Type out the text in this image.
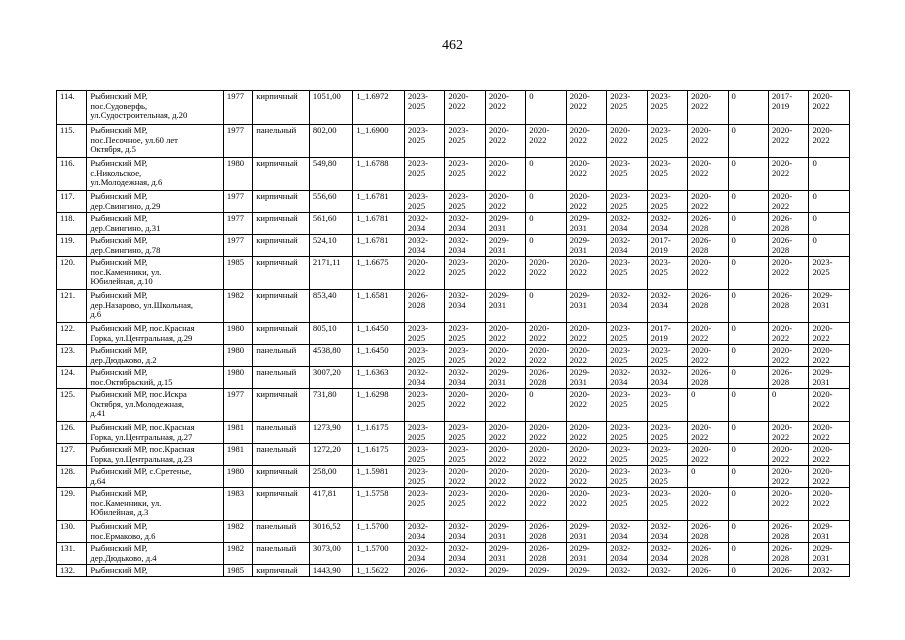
462
114.	Рыбинский МР,
пос.Судоверфь,
ул.Судостроительная, д.20	1977	кирпичный	1051,00	1_1.6972	2023-
2025	2020-
2022	2020-
2022	0	2020-
2022	2023-
2025	2023-
2025	2020-
2022	0	2017-
2019	2020-
2022
115.	Рыбинский МР,
пос.Песочное, ул.60 лет
Октября, д.5	1977	панельный	802,00	1_1.6900	2023-
2025	2023-
2025	2020-
2022	2020-
2022	2020-
2022	2020-
2022	2023-
2025	2020-
2022	0	2020-
2022	2020-
2022
116.	Рыбинский МР,
с.Никольское,
ул.Молодежная, д.6	1980	кирпичный	549,80	1_1.6788	2023-
2025	2023-
2025	2020-
2022	0	2020-
2022	2023-
2025	2023-
2025	2020-
2022	0	2020-
2022	0
117.	Рыбинский МР,
дер.Свингино, д.29	1977	кирпичный	556,60	1_1.6781	2023-
2025	2023-
2025	2020-
2022	0	2020-
2022	2023-
2025	2023-
2025	2020-
2022	0	2020-
2022	0
118.	Рыбинский МР,
дер.Свингино, д.31	1977	кирпичный	561,60	1_1.6781	2032-
2034	2032-
2034	2029-
2031	0	2029-
2031	2032-
2034	2032-
2034	2026-
2028	0	2026-
2028	0
119.	Рыбинский МР,
дер.Свингино, д.78	1977	кирпичный	524,10	1_1.6781	2032-
2034	2032-
2034	2029-
2031	0	2029-
2031	2032-
2034	2017-
2019	2026-
2028	0	2026-
2028	0
120.	Рыбинский МР,
пос.Каменники, ул.
Юбилейная, д.10	1985	кирпичный	2171,11	1_1.6675	2020-
2022	2023-
2025	2020-
2022	2020-
2022	2020-
2022	2023-
2025	2023-
2025	2020-
2022	0	2020-
2022	2023-
2025
121.	Рыбинский МР,
дер.Назарово, ул.Школьная,
д.6	1982	кирпичный	853,40	1_1.6581	2026-
2028	2032-
2034	2029-
2031	0	2029-
2031	2032-
2034	2032-
2034	2026-
2028	0	2026-
2028	2029-
2031
122.	Рыбинский МР, пос.Красная
Горка, ул.Центральная, д.29	1980	кирпичный	805,10	1_1.6450	2023-
2025	2023-
2025	2020-
2022	2020-
2022	2020-
2022	2023-
2025	2017-
2019	2020-
2022	0	2020-
2022	2020-
2022
123.	Рыбинский МР,
дер.Дюдьково, д.2	1980	панельный	4538,80	1_1.6450	2023-
2025	2023-
2025	2020-
2022	2020-
2022	2020-
2022	2023-
2025	2023-
2025	2020-
2022	0	2020-
2022	2020-
2022
124.	Рыбинский МР,
пос.Октябрьский, д.15	1980	панельный	3007,20	1_1.6363	2032-
2034	2032-
2034	2029-
2031	2026-
2028	2029-
2031	2032-
2034	2032-
2034	2026-
2028	0	2026-
2028	2029-
2031
125.	Рыбинский МР, пос.Искра
Октября, ул.Молодежная,
д.41	1977	кирпичный	731,80	1_1.6298	2023-
2025	2020-
2022	2020-
2022	0	2020-
2022	2023-
2025	2023-
2025	0	0	0	2020-
2022
126.	Рыбинский МР, пос.Красная
Горка, ул.Центральная, д.27	1981	панельный	1273,90	1_1.6175	2023-
2025	2023-
2025	2020-
2022	2020-
2022	2020-
2022	2023-
2025	2023-
2025	2020-
2022	0	2020-
2022	2020-
2022
127.	Рыбинский МР, пос.Красная
Горка, ул.Центральная, д.23	1981	панельный	1272,20	1_1.6175	2023-
2025	2023-
2025	2020-
2022	2020-
2022	2020-
2022	2023-
2025	2023-
2025	2020-
2022	0	2020-
2022	2020-
2022
128.	Рыбинский МР, с.Сретенье,
д.64	1980	кирпичный	258,00	1_1.5981	2023-
2025	2020-
2022	2020-
2022	2020-
2022	2020-
2022	2023-
2025	2023-
2025	0	0	2020-
2022	2020-
2022
129.	Рыбинский МР,
пос.Каменники, ул.
Юбилейная, д.3	1983	кирпичный	417,81	1_1.5758	2023-
2025	2023-
2025	2020-
2022	2020-
2022	2020-
2022	2023-
2025	2023-
2025	2020-
2022	0	2020-
2022	2020-
2022
130.	Рыбинский МР,
пос.Ермаково, д.6	1982	панельный	3016,52	1_1.5700	2032-
2034	2032-
2034	2029-
2031	2026-
2028	2029-
2031	2032-
2034	2032-
2034	2026-
2028	0	2026-
2028	2029-
2031
131.	Рыбинский МР,
дер.Дюдьково, д.4	1982	панельный	3073,00	1_1.5700	2032-
2034	2032-
2034	2029-
2031	2026-
2028	2029-
2031	2032-
2034	2032-
2034	2026-
2028	0	2026-
2028	2029-
2031
132.	Рыбинский МР,	1985	кирпичный	1443,90	1_1.5622	2026-	2032-	2029-	2029-	2029-	2032-	2032-	2026-	0	2026-	2032-
